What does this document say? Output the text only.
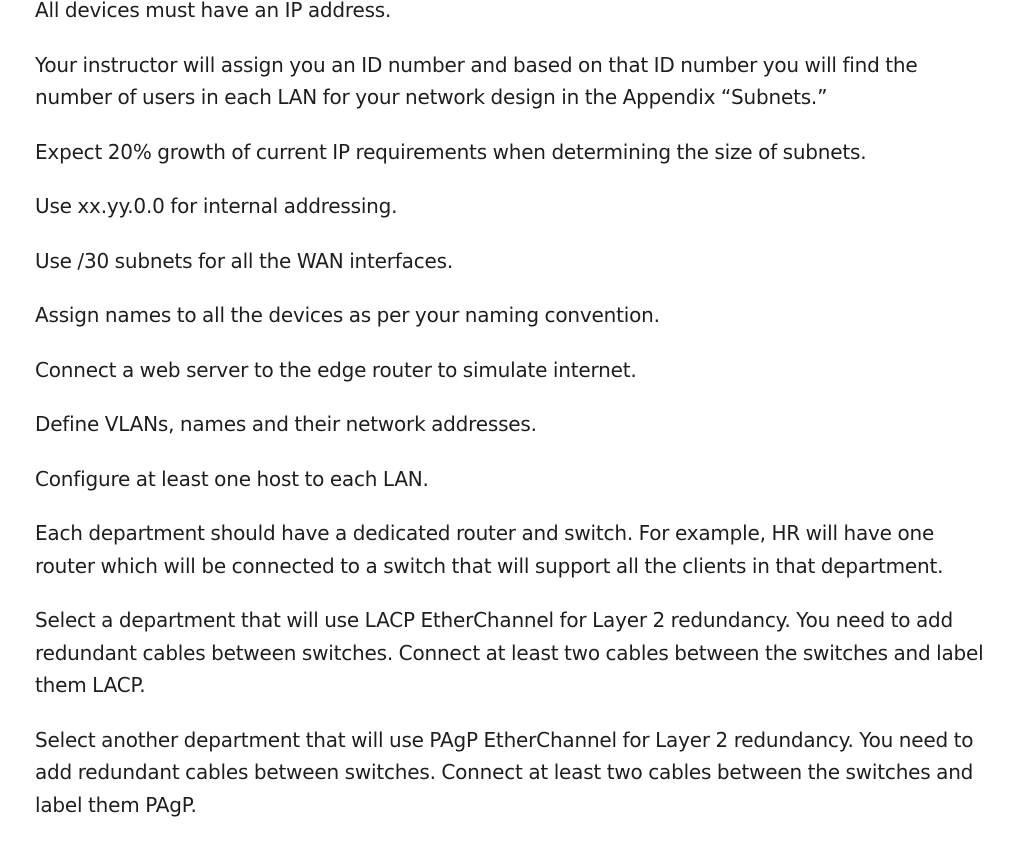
All devices must have an IP address.

Your instructor will assign you an ID number and based on that ID number you will find the number of users in each LAN for your network design in the Appendix “Subnets.”

Expect 20% growth of current IP requirements when determining the size of subnets.

Use xx.yy.0.0 for internal addressing.

Use /30 subnets for all the WAN interfaces.

Assign names to all the devices as per your naming convention.

Connect a web server to the edge router to simulate internet.

Define VLANs, names and their network addresses.

Configure at least one host to each LAN.

Each department should have a dedicated router and switch. For example, HR will have one router which will be connected to a switch that will support all the clients in that department.

Select a department that will use LACP EtherChannel for Layer 2 redundancy. You need to add redundant cables between switches. Connect at least two cables between the switches and label them LACP.

Select another department that will use PAgP EtherChannel for Layer 2 redundancy. You need to add redundant cables between switches. Connect at least two cables between the switches and label them PAgP.
